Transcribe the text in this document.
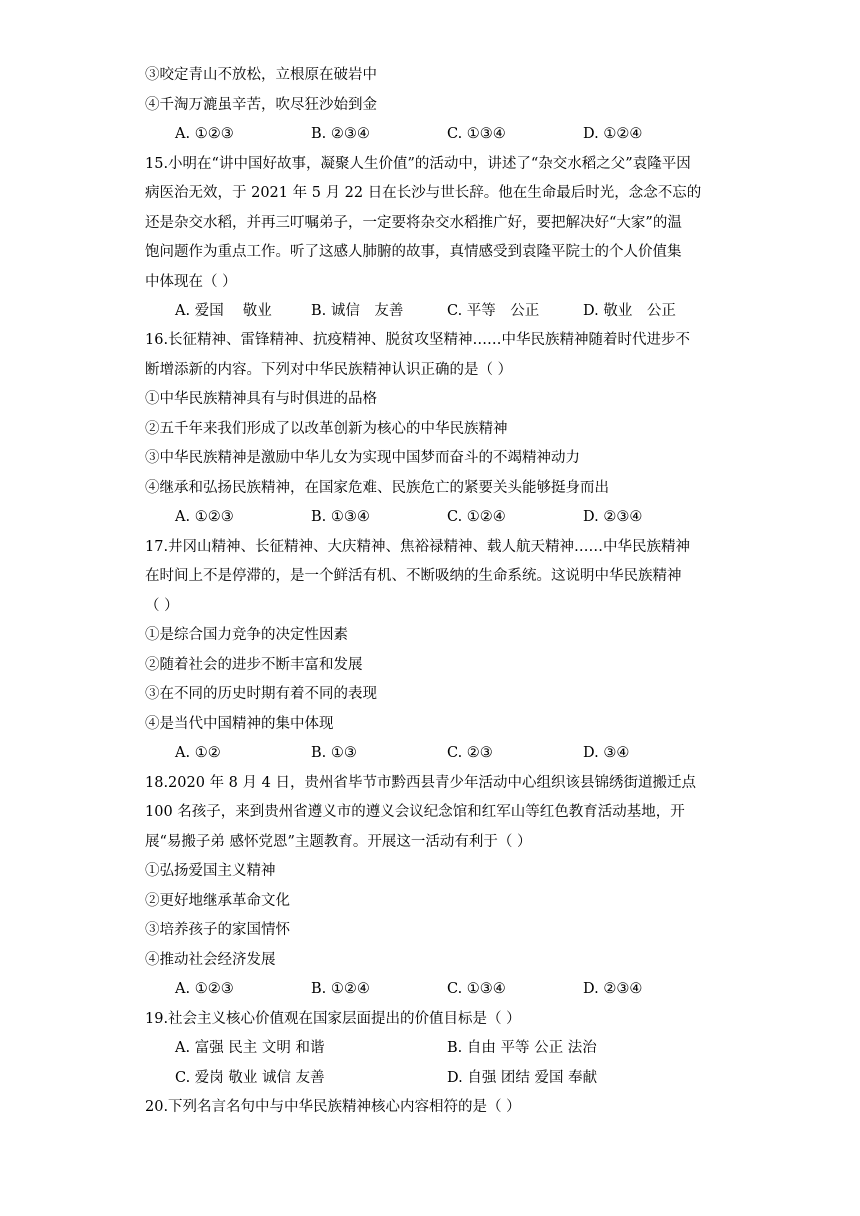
③咬定青山不放松，立根原在破岩中
④千淘万漉虽辛苦，吹尽狂沙始到金
A. ①②③	B. ②③④	C. ①③④	D. ①②④
15.小明在“讲中国好故事，凝聚人生价值”的活动中，讲述了“杂交水稻之父”袁隆平因
病医治无效，于 2021 年 5 月 22 日在长沙与世长辞。他在生命最后时光，念念不忘的
还是杂交水稻，并再三叮嘱弟子，一定要将杂交水稻推广好，要把解决好“大家”的温
饱问题作为重点工作。听了这感人肺腑的故事，真情感受到袁隆平院士的个人价值集
中体现在（ ）
A. 爱国　 敬业	B. 诚信　友善	C. 平等　公正	D. 敬业　公正
16.长征精神、雷锋精神、抗疫精神、脱贫攻坚精神……中华民族精神随着时代进步不
断增添新的内容。下列对中华民族精神认识正确的是（ ）
①中华民族精神具有与时俱进的品格
②五千年来我们形成了以改革创新为核心的中华民族精神
③中华民族精神是激励中华儿女为实现中国梦而奋斗的不竭精神动力
④继承和弘扬民族精神，在国家危难、民族危亡的紧要关头能够挺身而出
A. ①②③	B. ①③④	C. ①②④	D. ②③④
17.井冈山精神、长征精神、大庆精神、焦裕禄精神、载人航天精神……中华民族精神
在时间上不是停滞的，是一个鲜活有机、不断吸纳的生命系统。这说明中华民族精神
（ ）
①是综合国力竞争的决定性因素
②随着社会的进步不断丰富和发展
③在不同的历史时期有着不同的表现
④是当代中国精神的集中体现
A. ①②	B. ①③	C. ②③	D. ③④
18.2020 年 8 月 4 日，贵州省毕节市黔西县青少年活动中心组织该县锦绣街道搬迁点
100 名孩子，来到贵州省遵义市的遵义会议纪念馆和红军山等红色教育活动基地，开
展“易搬子弟 感怀党恩”主题教育。开展这一活动有利于（ ）
①弘扬爱国主义精神
②更好地继承革命文化
③培养孩子的家国情怀
④推动社会经济发展
A. ①②③	B. ①②④	C. ①③④	D. ②③④
19.社会主义核心价值观在国家层面提出的价值目标是（ ）
A. 富强 民主 文明 和谐	B. 自由 平等 公正 法治
C. 爱岗 敬业 诚信 友善	D. 自强 团结 爱国 奉献
20.下列名言名句中与中华民族精神核心内容相符的是（ ）
